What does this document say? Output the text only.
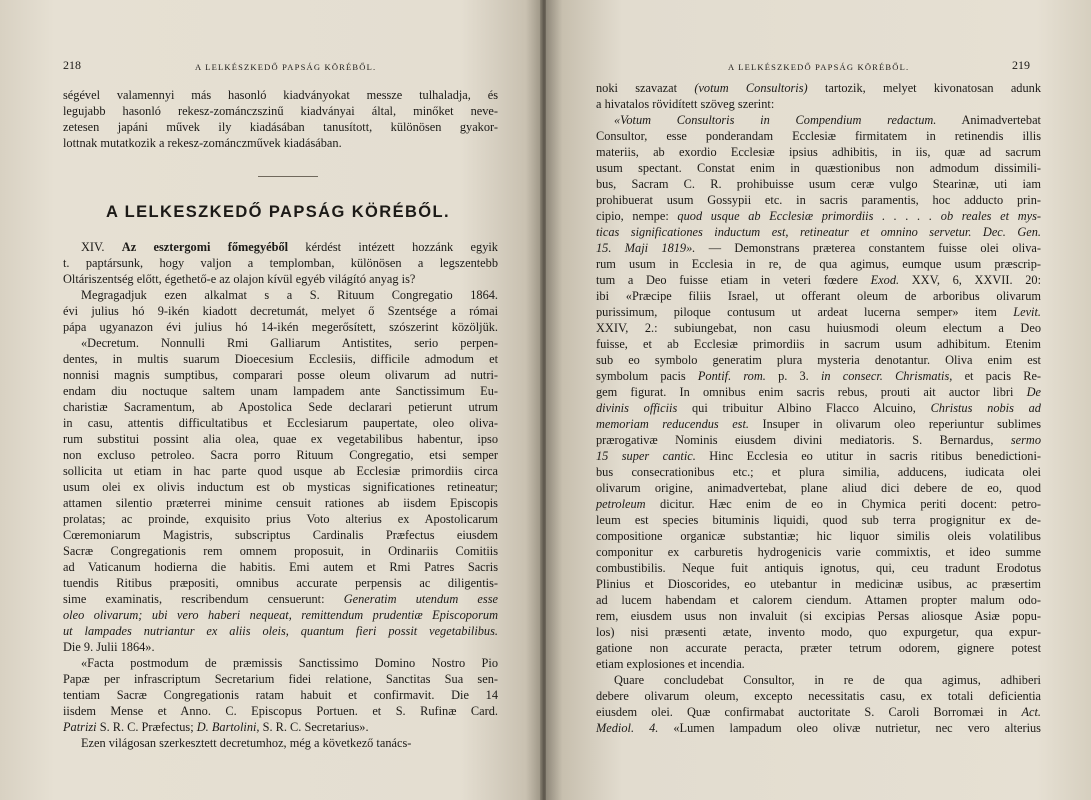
218	A LELKÉSZKEDŐ PAPSÁG KÖRÉBŐL.
ségével valamennyi más hasonló kiadványokat messze tulhaladja, és
legujabb hasonló rekesz-zománczszinű kiadványai által, minőket neve-
zetesen japáni művek ily kiadásában tanusított, különösen gyakor-
lottnak mutatkozik a rekesz-zománczművek kiadásában.
A LELKESZKEDŐ PAPSÁG KÖRÉBŐL.
XIV. Az esztergomi főmegyéből kérdést intézett hozzánk egyik
t. paptársunk, hogy valjon a templomban, különösen a legszentebb
Oltáriszentség előtt, égethető-e az olajon kívül egyéb világító anyag is?
Megragadjuk ezen alkalmat s a S. Rituum Congregatio 1864.
évi julius hó 9-ikén kiadott decretumát, melyet ő Szentsége a római
pápa ugyanazon évi julius hó 14-ikén megerősített, szószerint közöljük.
«Decretum. Nonnulli Rmi Galliarum Antistites, serio perpen-
dentes, in multis suarum Dioecesium Ecclesiis, difficile admodum et
nonnisi magnis sumptibus, comparari posse oleum olivarum ad nutri-
endam diu noctuque saltem unam lampadem ante Sanctissimum Eu-
charistiæ Sacramentum, ab Apostolica Sede declarari petierunt utrum
in casu, attentis difficultatibus et Ecclesiarum paupertate, oleo oliva-
rum substitui possint alia olea, quae ex vegetabilibus habentur, ipso
non excluso petroleo. Sacra porro Rituum Congregatio, etsi semper
sollicita ut etiam in hac parte quod usque ab Ecclesiæ primordiis circa
usum olei ex olivis inductum est ob mysticas significationes retineatur;
attamen silentio præterrei minime censuit rationes ab iisdem Episcopis
prolatas; ac proinde, exquisito prius Voto alterius ex Apostolicarum
Cœremoniarum Magistris, subscriptus Cardinalis Præfectus eiusdem
Sacræ Congregationis rem omnem proposuit, in Ordinariis Comitiis
ad Vaticanum hodierna die habitis. Emi autem et Rmi Patres Sacris
tuendis Ritibus præpositi, omnibus accurate perpensis ac diligentis-
sime examinatis, rescribendum censuerunt: Generatim utendum esse
oleo olivarum; ubi vero haberi nequeat, remittendum prudentiæ Episcoporum
ut lampades nutriantur ex aliis oleis, quantum fieri possit vegetabilibus.
Die 9. Julii 1864».
«Facta postmodum de præmissis Sanctissimo Domino Nostro Pio
Papæ per infrascriptum Secretarium fidei relatione, Sanctitas Sua sen-
tentiam Sacræ Congregationis ratam habuit et confirmavit. Die 14
iisdem Mense et Anno. C. Episcopus Portuen. et S. Rufinæ Card.
Patrizi S. R. C. Præfectus; D. Bartolini, S. R. C. Secretarius».
Ezen világosan szerkesztett decretumhoz, még a következő tanács-
A LELKÉSZKEDŐ PAPSÁG KÖRÉBŐL.	219
noki szavazat (votum Consultoris) tartozik, melyet kivonatosan adunk
a hivatalos rövidített szöveg szerint:
«Votum Consultoris in Compendium redactum. Animadvertebat
Consultor, esse ponderandam Ecclesiæ firmitatem in retinendis illis
materiis, ab exordio Ecclesiæ ipsius adhibitis, in iis, quæ ad sacrum
usum spectant. Constat enim in quæstionibus non admodum dissimili-
bus, Sacram C. R. prohibuisse usum ceræ vulgo Stearinæ, uti iam
prohibuerat usum Gossypii etc. in sacris paramentis, hoc adducto prin-
cipio, nempe: quod usque ab Ecclesiæ primordiis . . . . . ob reales et mys-
ticas significationes inductum est, retineatur et omnino servetur. Dec. Gen.
15. Maji 1819». — Demonstrans præterea constantem fuisse olei oliva-
rum usum in Ecclesia in re, de qua agimus, eumque usum præscrip-
tum a Deo fuisse etiam in veteri fœdere Exod. XXV, 6, XXVII. 20:
ibi «Præcipe filiis Israel, ut offerant oleum de arboribus olivarum
purissimum, piloque contusum ut ardeat lucerna semper» item Levit.
XXIV, 2.: subiungebat, non casu huiusmodi oleum electum a Deo
fuisse, et ab Ecclesiæ primordiis in sacrum usum adhibitum. Etenim
sub eo symbolo generatim plura mysteria denotantur. Oliva enim est
symbolum pacis Pontif. rom. p. 3. in consecr. Chrismatis, et pacis Re-
gem figurat. In omnibus enim sacris rebus, prouti ait auctor libri De
divinis officiis qui tribuitur Albino Flacco Alcuino, Christus nobis ad
memoriam reducendus est. Insuper in olivarum oleo reperiuntur sublimes
prærogativæ Nominis eiusdem divini mediatoris. S. Bernardus, sermo
15 super cantic. Hinc Ecclesia eo utitur in sacris ritibus benedictioni-
bus consecrationibus etc.; et plura similia, adducens, iudicata olei
olivarum origine, animadvertebat, plane aliud dici debere de eo, quod
petroleum dicitur. Hæc enim de eo in Chymica periti docent: petro-
leum est species bituminis liquidi, quod sub terra progignitur ex de-
compositione organicæ substantiæ; hic liquor similis oleis volatilibus
componitur ex carburetis hydrogenicis varie commixtis, et ideo summe
combustibilis. Neque fuit antiquis ignotus, qui, ceu tradunt Erodotus
Plinius et Dioscorides, eo utebantur in medicinæ usibus, ac præsertim
ad lucem habendam et calorem ciendum. Attamen propter malum odo-
rem, eiusdem usus non invaluit (si excipias Persas aliosque Asiæ popu-
los) nisi præsenti ætate, invento modo, quo expurgetur, qua expur-
gatione non accurate peracta, præter tetrum odorem, gignere potest
etiam explosiones et incendia.
Quare concludebat Consultor, in re de qua agimus, adhiberi
debere olivarum oleum, excepto necessitatis casu, ex totali deficientia
eiusdem olei. Quæ confirmabat auctoritate S. Caroli Borromæi in Act.
Mediol. 4. «Lumen lampadum oleo olivæ nutrietur, nec vero alterius
